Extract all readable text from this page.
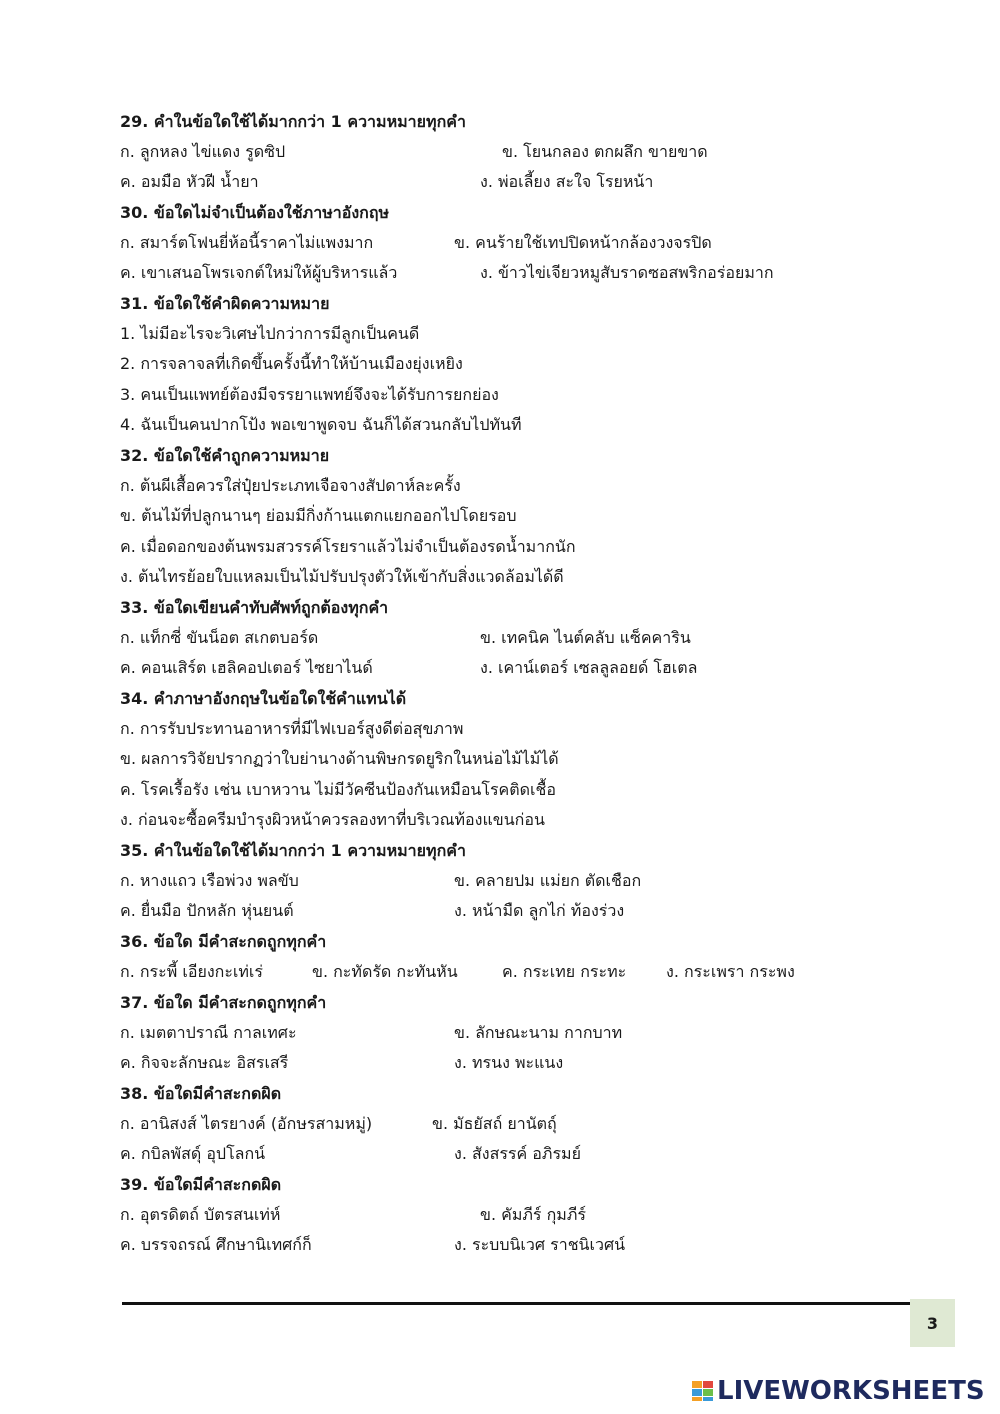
29. คำในข้อใดใช้ได้มากกว่า 1 ความหมายทุกคำ
ก. ลูกหลง ไข่แดง รูดซิป	ข. โยนกลอง ตกผลึก ขายขาด
ค. อมมือ หัวฝี น้ำยา	ง. พ่อเลี้ยง สะใจ โรยหน้า
30. ข้อใดไม่จำเป็นต้องใช้ภาษาอังกฤษ
ก. สมาร์ตโฟนยี่ห้อนี้ราคาไม่แพงมาก	ข. คนร้ายใช้เทปปิดหน้ากล้องวงจรปิด
ค. เขาเสนอโพรเจกต์ใหม่ให้ผู้บริหารแล้ว	ง. ข้าวไข่เจียวหมูสับราดซอสพริกอร่อยมาก
31. ข้อใดใช้คำผิดความหมาย
1. ไม่มีอะไรจะวิเศษไปกว่าการมีลูกเป็นคนดี
2. การจลาจลที่เกิดขึ้นครั้งนี้ทำให้บ้านเมืองยุ่งเหยิง
3. คนเป็นแพทย์ต้องมีจรรยาแพทย์จึงจะได้รับการยกย่อง
4. ฉันเป็นคนปากโป้ง พอเขาพูดจบ ฉันก็ได้สวนกลับไปทันที
32. ข้อใดใช้คำถูกความหมาย
ก. ต้นผีเสื้อควรใส่ปุ๋ยประเภทเจือจางสัปดาห์ละครั้ง
ข. ต้นไม้ที่ปลูกนานๆ ย่อมมีกิ่งก้านแตกแยกออกไปโดยรอบ
ค. เมื่อดอกของต้นพรมสวรรค์โรยราแล้วไม่จำเป็นต้องรดน้ำมากนัก
ง. ต้นไทรย้อยใบแหลมเป็นไม้ปรับปรุงตัวให้เข้ากับสิ่งแวดล้อมได้ดี
33. ข้อใดเขียนคำทับศัพท์ถูกต้องทุกคำ
ก. แท็กซี่ ขันน็อต สเกตบอร์ด	ข. เทคนิค ไนต์คลับ แซ็คคาริน
ค. คอนเสิร์ต เฮลิคอปเตอร์ ไซยาไนด์	ง. เคาน์เตอร์ เซลลูลอยด์ โฮเตล
34. คำภาษาอังกฤษในข้อใดใช้คำแทนได้
ก. การรับประทานอาหารที่มีไฟเบอร์สูงดีต่อสุขภาพ
ข. ผลการวิจัยปรากฏว่าใบย่านางด้านพิษกรดยูริกในหน่อไม้ไม้ได้
ค. โรคเรื้อรัง เช่น เบาหวาน ไม่มีวัคซีนป้องกันเหมือนโรคติดเชื้อ
ง. ก่อนจะซื้อครีมบำรุงผิวหน้าควรลองทาที่บริเวณท้องแขนก่อน
35. คำในข้อใดใช้ได้มากกว่า 1 ความหมายทุกคำ
ก. หางแถว เรือพ่วง พลขับ	ข. คลายปม แม่ยก ตัดเชือก
ค. ยื่นมือ ปักหลัก หุ่นยนต์	ง. หน้ามืด ลูกไก่ ท้องร่วง
36. ข้อใด มีคำสะกดถูกทุกคำ
ก. กระพี้ เอียงกะเท่เร่	ข. กะทัดรัด กะทันหัน	ค. กระเทย กระทะ ง. กระเพรา กระพง
37. ข้อใด มีคำสะกดถูกทุกคำ
ก. เมตตาปราณี กาลเทศะ	ข. ลักษณะนาม กากบาท
ค. กิจจะลักษณะ อิสรเสรี	ง. ทรนง พะแนง
38. ข้อใดมีคำสะกดผิด
ก. อานิสงส์ ไตรยางค์ (อักษรสามหมู่)	ข. มัธยัสถ์ ยานัตถุ์
ค. กบิลพัสดุ์ อุปโลกน์	ง. สังสรรค์ อภิรมย์
39. ข้อใดมีคำสะกดผิด
ก. อุตรดิตถ์ บัตรสนเท่ห์	ข. คัมภีร์ กุมภีร์
ค. บรรจถรณ์ ศึกษานิเทศก์ก็	ง. ระบบนิเวศ ราชนิเวศน์
3
LIVEWORKSHEETS
